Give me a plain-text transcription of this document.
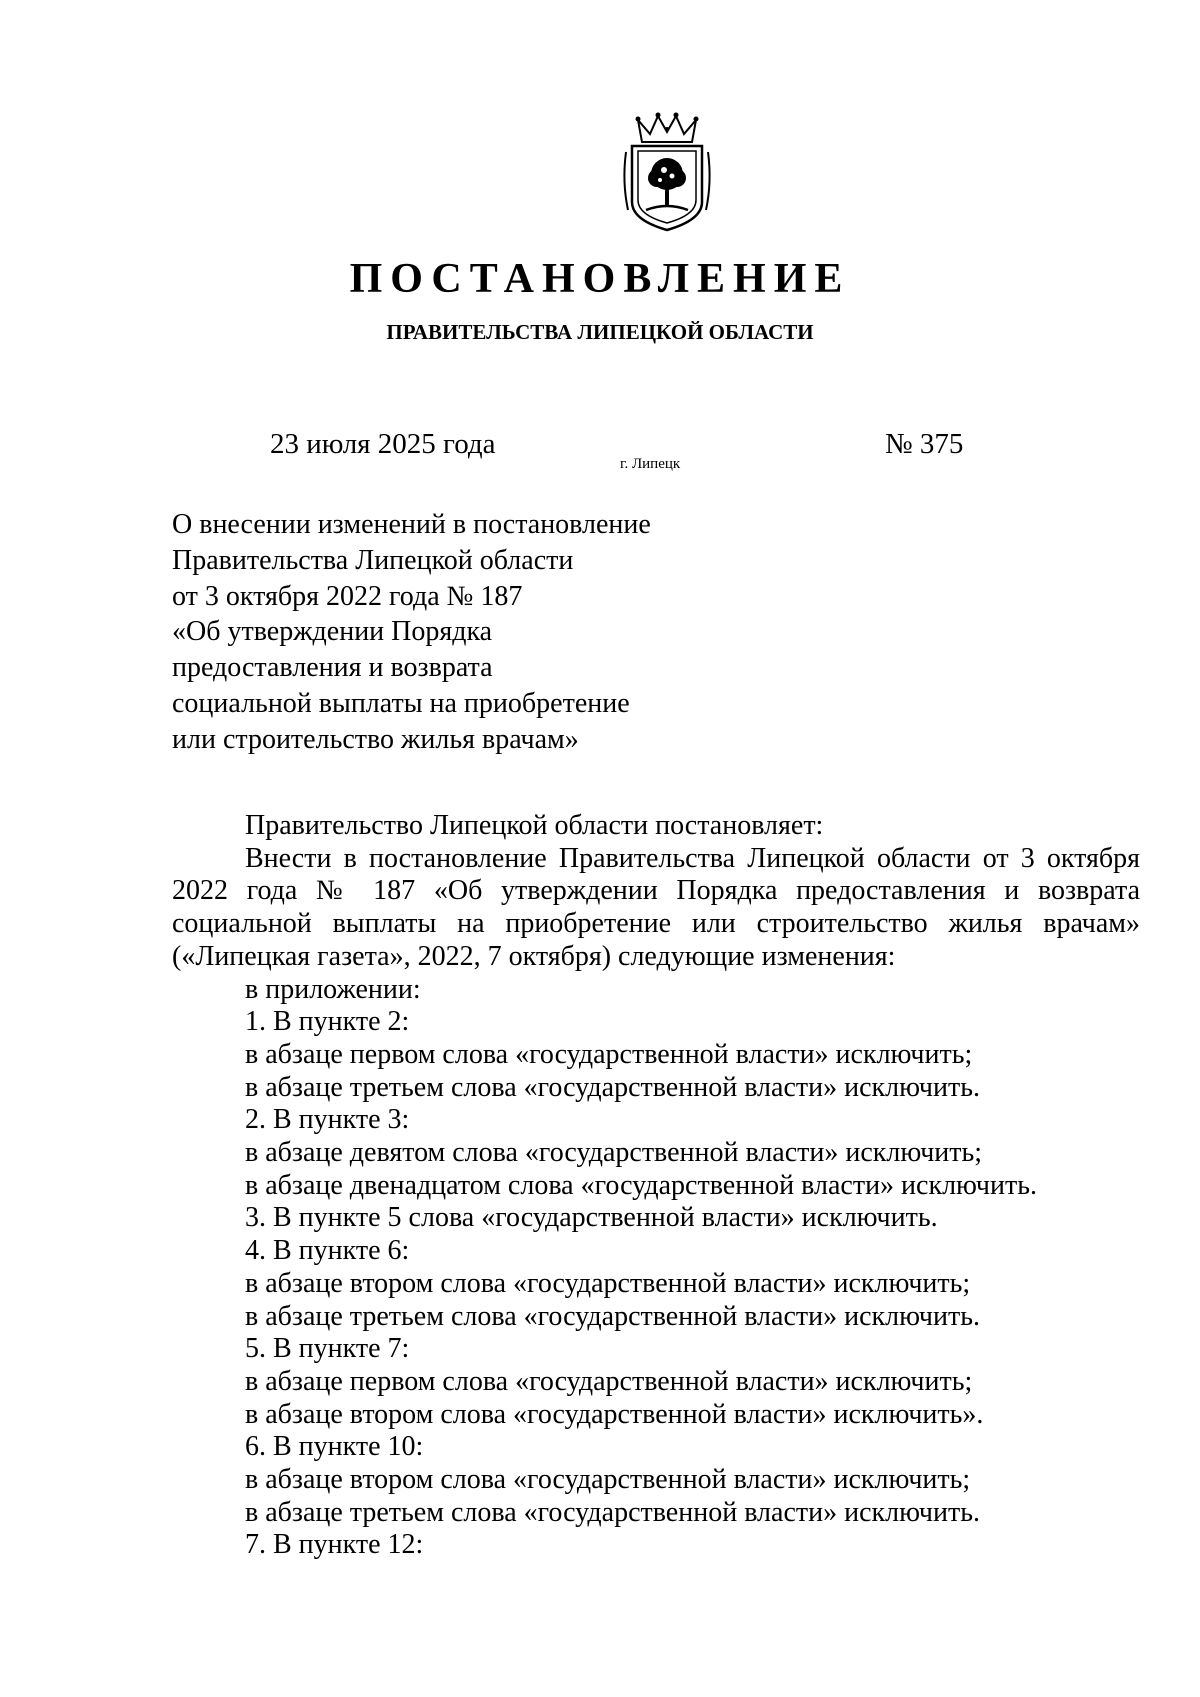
ПОСТАНОВЛЕНИЕ
ПРАВИТЕЛЬСТВА ЛИПЕЦКОЙ ОБЛАСТИ
23 июля 2025 года
г. Липецк
№ 375
О внесении изменений в постановление
Правительства Липецкой области
от 3 октября 2022 года № 187
«Об утверждении Порядка
предоставления и возврата
социальной выплаты на приобретение
или строительство жилья врачам»

Правительство Липецкой области постановляет:

Внести в постановление Правительства Липецкой области от 3 октября 2022 года № 187 «Об утверждении Порядка предоставления и возврата социальной выплаты на приобретение или строительство жилья врачам» («Липецкая газета», 2022, 7 октября) следующие изменения:

в приложении:

1. В пункте 2:

в абзаце первом слова «государственной власти» исключить;

в абзаце третьем слова «государственной власти» исключить.

2. В пункте 3:

в абзаце девятом слова «государственной власти» исключить;

в абзаце двенадцатом слова «государственной власти» исключить.

3. В пункте 5 слова «государственной власти» исключить.

4. В пункте 6:

в абзаце втором слова «государственной власти» исключить;

в абзаце третьем слова «государственной власти» исключить.

5. В пункте 7:

в абзаце первом слова «государственной власти» исключить;

в абзаце втором слова «государственной власти» исключить».

6. В пункте 10:

в абзаце втором слова «государственной власти» исключить;

в абзаце третьем слова «государственной власти» исключить.

7. В пункте 12:
